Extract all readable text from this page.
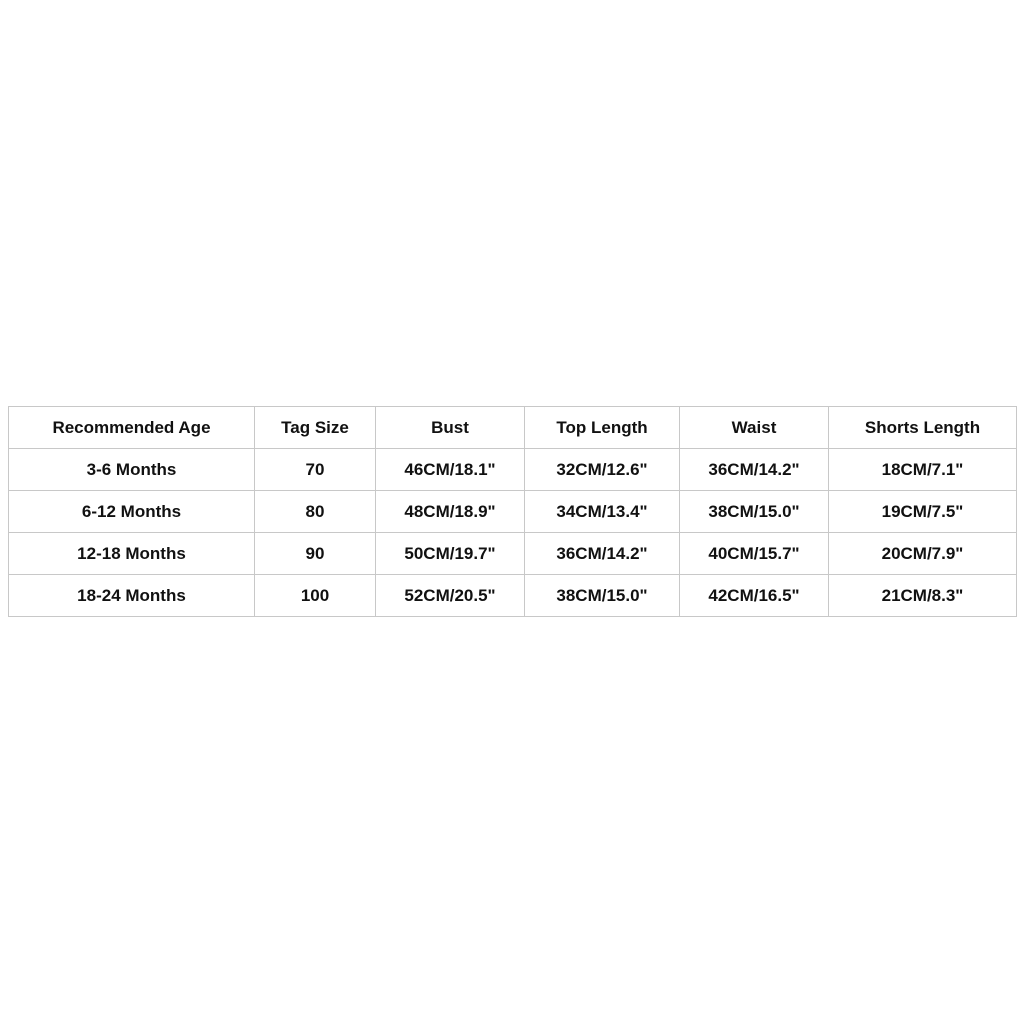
Recommended Age	Tag Size	Bust	Top Length	Waist	Shorts Length
3-6 Months	70	46CM/18.1"	32CM/12.6"	36CM/14.2"	18CM/7.1"
6-12 Months	80	48CM/18.9"	34CM/13.4"	38CM/15.0"	19CM/7.5"
12-18 Months	90	50CM/19.7"	36CM/14.2"	40CM/15.7"	20CM/7.9"
18-24 Months	100	52CM/20.5"	38CM/15.0"	42CM/16.5"	21CM/8.3"
